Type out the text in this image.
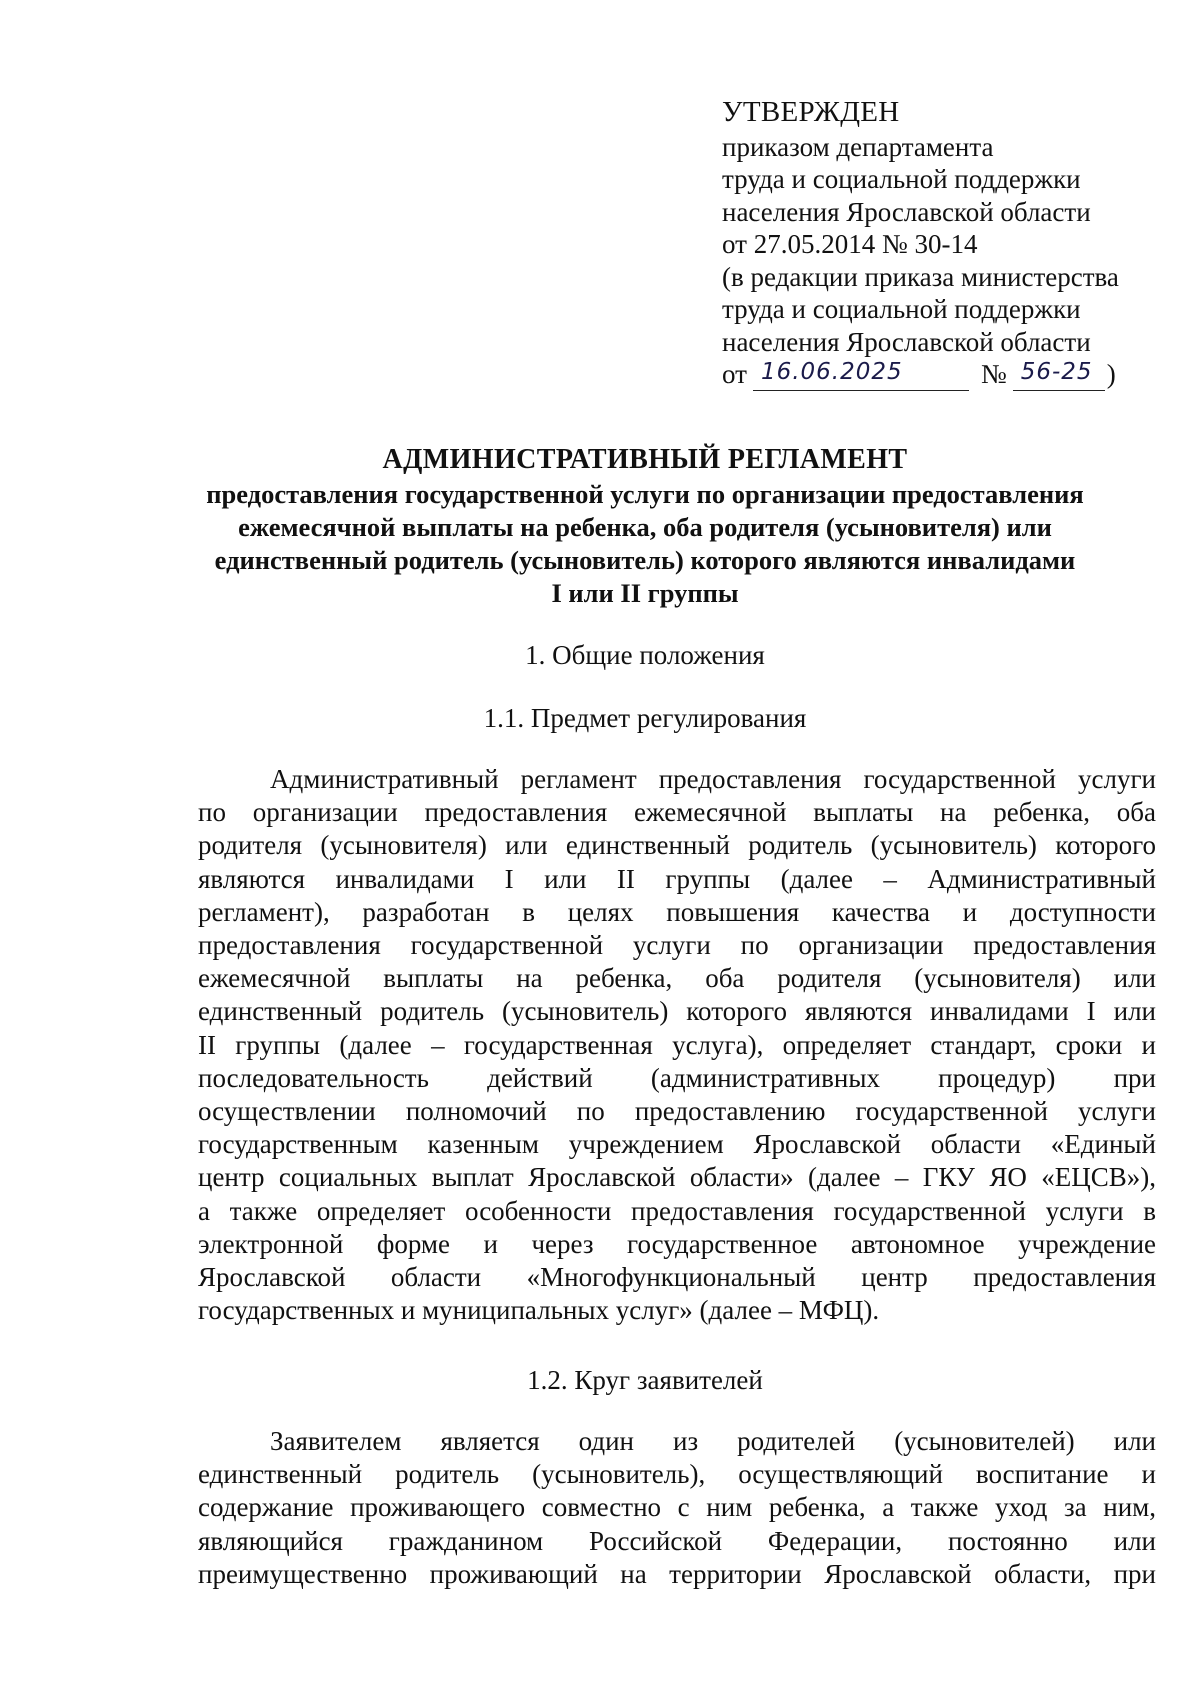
УТВЕРЖДЕН
приказом департамента
труда и социальной поддержки
населения Ярославской области
от 27.05.2014 № 30-14
(в редакции приказа министерства
труда и социальной поддержки
населения Ярославской области
от 16.06.2025	№ 56-25 )
АДМИНИСТРАТИВНЫЙ РЕГЛАМЕНТ
предоставления государственной услуги по организации предоставления
ежемесячной выплаты на ребенка, оба родителя (усыновителя) или
единственный родитель (усыновитель) которого являются инвалидами
I или II группы
1. Общие положения
1.1. Предмет регулирования
Административный регламент предоставления государственной услуги
по организации предоставления ежемесячной выплаты на ребенка, оба
родителя (усыновителя) или единственный родитель (усыновитель) которого
являются инвалидами I или II группы (далее – Административный
регламент), разработан в целях повышения качества и доступности
предоставления государственной услуги по организации предоставления
ежемесячной выплаты на ребенка, оба родителя (усыновителя) или
единственный родитель (усыновитель) которого являются инвалидами I или
II группы (далее – государственная услуга), определяет стандарт, сроки и
последовательность действий (административных процедур) при
осуществлении полномочий по предоставлению государственной услуги
государственным казенным учреждением Ярославской области «Единый
центр социальных выплат Ярославской области» (далее – ГКУ ЯО «ЕЦСВ»),
а также определяет особенности предоставления государственной услуги в
электронной форме и через государственное автономное учреждение
Ярославской области «Многофункциональный центр предоставления
государственных и муниципальных услуг» (далее – МФЦ).
1.2. Круг заявителей
Заявителем является один из родителей (усыновителей) или
единственный родитель (усыновитель), осуществляющий воспитание и
содержание проживающего совместно с ним ребенка, а также уход за ним,
являющийся гражданином Российской Федерации, постоянно или
преимущественно проживающий на территории Ярославской области, при
